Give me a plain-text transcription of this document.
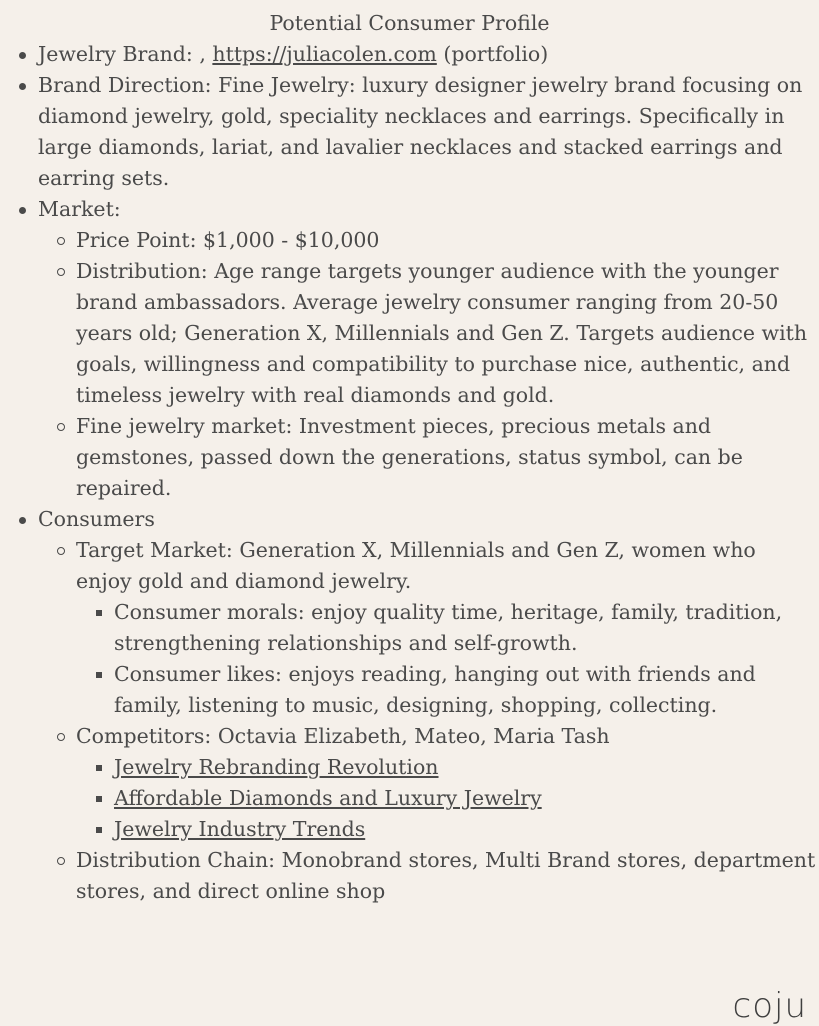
Potential Consumer Profile
Jewelry Brand: , https://juliacolen.com (portfolio)
Brand Direction: Fine Jewelry: luxury designer jewelry brand focusing on diamond jewelry, gold, speciality necklaces and earrings. Specifically in large diamonds, lariat, and lavalier necklaces and stacked earrings and earring sets.
Market:
Price Point: $1,000 - $10,000
Distribution: Age range targets younger audience with the younger brand ambassadors. Average jewelry consumer ranging from 20-50 years old; Generation X, Millennials and Gen Z. Targets audience with goals, willingness and compatibility to purchase nice, authentic, and timeless jewelry with real diamonds and gold.
Fine jewelry market: Investment pieces, precious metals and gemstones, passed down the generations, status symbol, can be repaired.
Consumers
Target Market: Generation X, Millennials and Gen Z, women who enjoy gold and diamond jewelry.
Consumer morals: enjoy quality time, heritage, family, tradition, strengthening relationships and self-growth.
Consumer likes: enjoys reading, hanging out with friends and family, listening to music, designing, shopping, collecting.
Competitors: Octavia Elizabeth, Mateo, Maria Tash
Jewelry Rebranding Revolution
Affordable Diamonds and Luxury Jewelry
Jewelry Industry Trends
Distribution Chain: Monobrand stores, Multi Brand stores, department stores, and direct online shop
coju
